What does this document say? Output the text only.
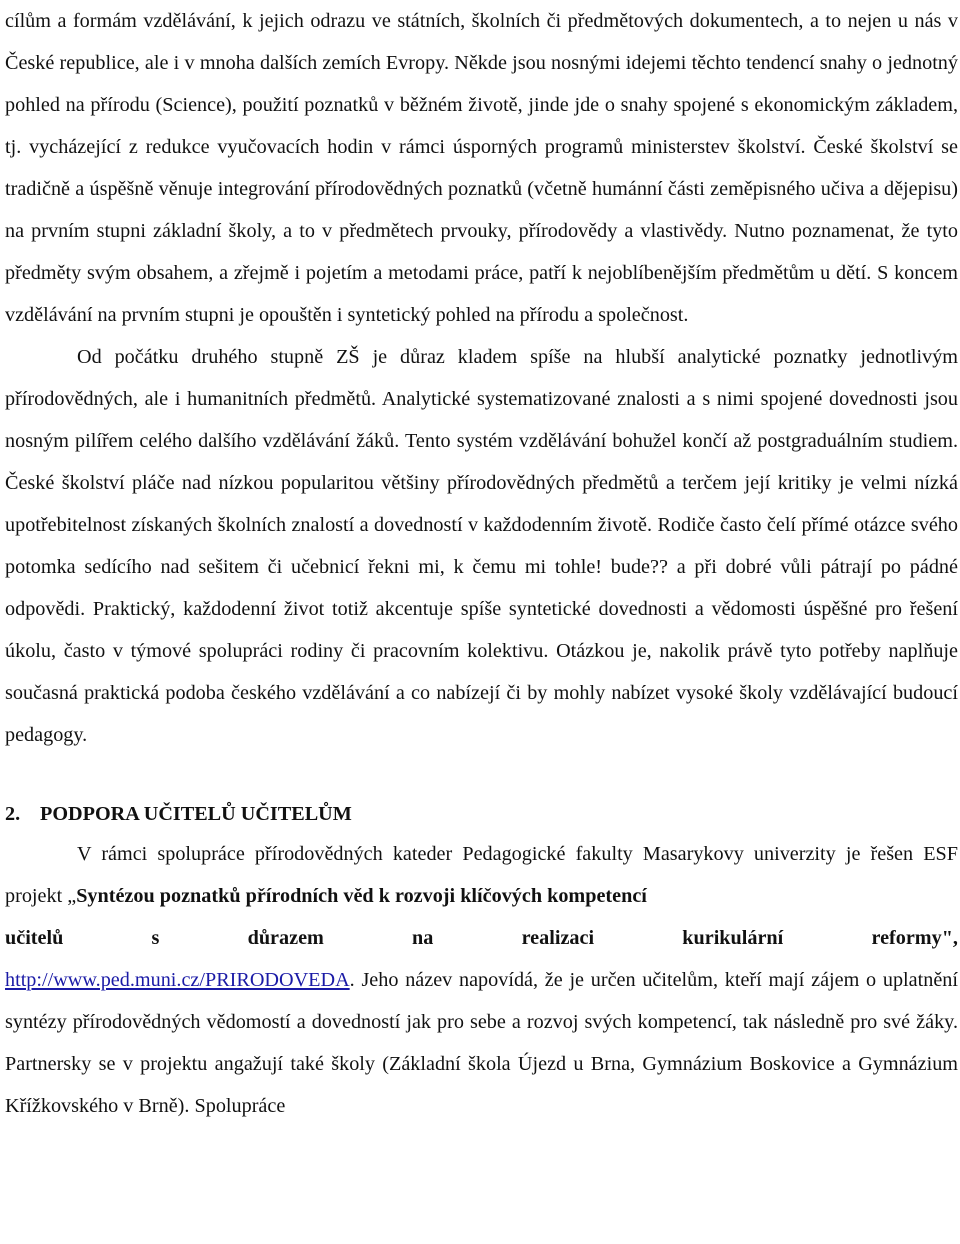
cílům a formám vzdělávání, k jejich odrazu ve státních, školních či předmětových dokumentech, a to nejen u nás v České republice, ale i v mnoha dalších zemích Evropy. Někde jsou nosnými idejemi těchto tendencí snahy o jednotný pohled na přírodu (Science), použití poznatků v běžném životě, jinde jde o snahy spojené s ekonomickým základem, tj. vycházející z redukce vyučovacích hodin v rámci úsporných programů ministerstev školství. České školství se tradičně a úspěšně věnuje integrování přírodovědných poznatků (včetně humánní části zeměpisného učiva a dějepisu) na prvním stupni základní školy, a to v předmětech prvouky, přírodovědy a vlastivědy. Nutno poznamenat, že tyto předměty svým obsahem, a zřejmě i pojetím a metodami práce, patří k nejoblíbenějším předmětům u dětí. S koncem vzdělávání na prvním stupni je opouštěn i syntetický pohled na přírodu a společnost.

Od počátku druhého stupně ZŠ je důraz kladem spíše na hlubší analytické poznatky jednotlivým přírodovědných, ale i humanitních předmětů. Analytické systematizované znalosti a s nimi spojené dovednosti jsou nosným pilířem celého dalšího vzdělávání žáků. Tento systém vzdělávání bohužel končí až postgraduálním studiem. České školství pláče nad nízkou popularitou většiny přírodovědných předmětů a terčem její kritiky je velmi nízká upotřebitelnost získaných školních znalostí a dovedností v každodenním životě. Rodiče často čelí přímé otázce svého potomka sedícího nad sešitem či učebnicí řekni mi, k čemu mi tohle! bude?? a při dobré vůli pátrají po pádné odpovědi. Praktický, každodenní život totiž akcentuje spíše syntetické dovednosti a vědomosti úspěšné pro řešení úkolu, často v týmové spolupráci rodiny či pracovním kolektivu. Otázkou je, nakolik právě tyto potřeby naplňuje současná praktická podoba českého vzdělávání a co nabízejí či by mohly nabízet vysoké školy vzdělávající budoucí pedagogy.

2. PODPORA UČITELŮ UČITELŮM

V rámci spolupráce přírodovědných kateder Pedagogické fakulty Masarykovy univerzity je řešen ESF projekt „Syntézou poznatků přírodních věd k rozvoji klíčových kompetencí

učitelů	s	důrazem	na	realizaci	kurikulární	reformy",

http://www.ped.muni.cz/PRIRODOVEDA. Jeho název napovídá, že je určen učitelům, kteří mají zájem o uplatnění syntézy přírodovědných vědomostí a dovedností jak pro sebe a rozvoj svých kompetencí, tak následně pro své žáky. Partnersky se v projektu angažují také školy (Základní škola Újezd u Brna, Gymnázium Boskovice a Gymnázium Křížkovského v Brně). Spolupráce
